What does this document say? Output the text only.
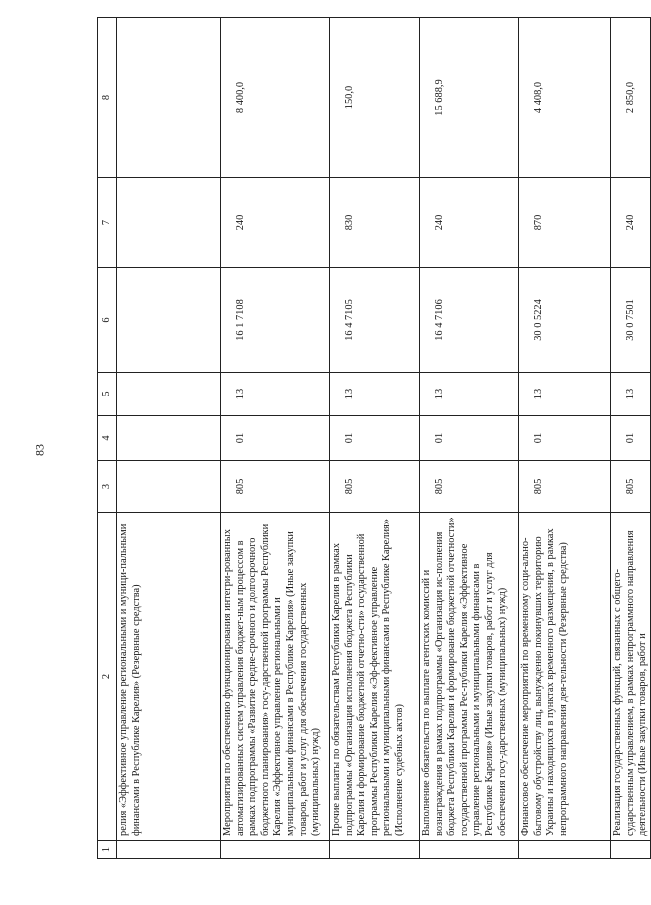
83
1
2
3
4
5
6
7
8
релия «Эффективное управление региональными и муници-пальными финансами в Республике Карелия» (Резервные средства)	Мероприятия по обеспечению функционирования интегри-рованных автоматизированных систем управления бюджет-ным процессом в рамках подпрограммы «Развитие средне-срочного и долгосрочного бюджетного планирования» госу-дарственной программы Республики Карелия «Эффективное управление региональными и муниципальными финансами в Республике Карелия» (Иные закупки товаров, работ и услуг для обеспечения государственных (муниципальных) нужд)
805
01
13
16 1 7108
240
8 400,0
Прочие выплаты по обязательствам Республики Карелия в рамках подпрограммы «Организация исполнения бюджета Республики Карелия и формирование бюджетной отчетно-сти» государственной программы Республики Карелия «Эф-фективное управление региональными и муниципальными финансами в Республике Карелия» (Исполнение судебных актов)
805
01
13
16 4 7105
830
150,0
Выполнение обязательств по выплате агентских комиссий и вознаграждения в рамках подпрограммы «Организация ис-полнения бюджета Республики Карелия и формирование бюджетной отчетности» государственной программы Рес-публики Карелия «Эффективное управление региональными и муниципальными финансами в Республике Карелия» (Иные закупки товаров, работ и услуг для обеспечения госу-дарственных (муниципальных) нужд)
805
01
13
16 4 7106
240
15 688,9
Финансовое обеспечение мероприятий по временному соци-ально-бытовому обустройству лиц, вынужденно покинувших территорию Украины и находящихся в пунктах временного размещения, в рамках непрограммного направления дея-тельности (Резервные средства)
805
01
13
30 0 5224
870
4 408,0
Реализация государственных функций, связанных с общего-сударственным управлением, в рамках непрограммного направления деятельности (Иные закупки товаров, работ и
805
01
13
30 0 7501
240
2 850,0
